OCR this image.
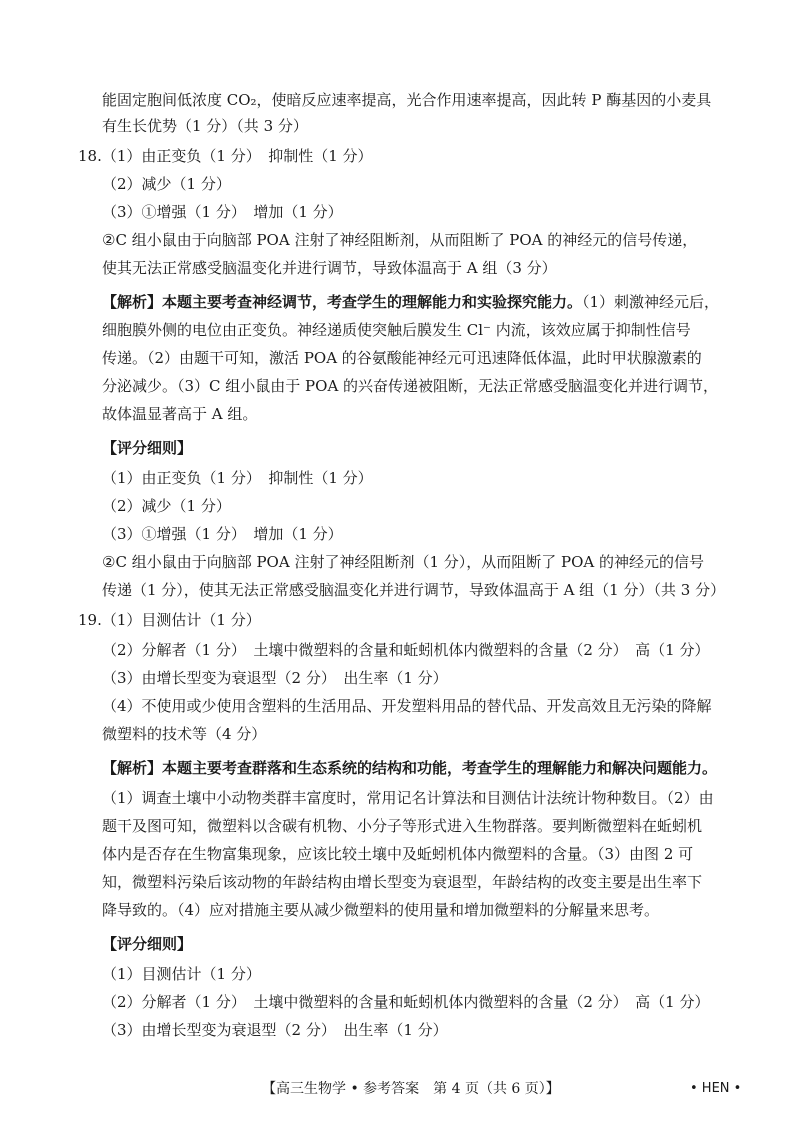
能固定胞间低浓度 CO₂，使暗反应速率提高，光合作用速率提高，因此转 P 酶基因的小麦具
有生长优势（1 分）（共 3 分）
18.（1）由正变负（1 分）　抑制性（1 分）
（2）减少（1 分）
（3）①增强（1 分）　增加（1 分）
②C 组小鼠由于向脑部 POA 注射了神经阻断剂，从而阻断了 POA 的神经元的信号传递，
使其无法正常感受脑温变化并进行调节，导致体温高于 A 组（3 分）
【解析】本题主要考查神经调节，考查学生的理解能力和实验探究能力。（1）刺激神经元后，
细胞膜外侧的电位由正变负。神经递质使突触后膜发生 Cl⁻ 内流，该效应属于抑制性信号
传递。（2）由题干可知，激活 POA 的谷氨酸能神经元可迅速降低体温，此时甲状腺激素的
分泌减少。（3）C 组小鼠由于 POA 的兴奋传递被阻断，无法正常感受脑温变化并进行调节，
故体温显著高于 A 组。
【评分细则】
（1）由正变负（1 分）　抑制性（1 分）
（2）减少（1 分）
（3）①增强（1 分）　增加（1 分）
②C 组小鼠由于向脑部 POA 注射了神经阻断剂（1 分），从而阻断了 POA 的神经元的信号
传递（1 分），使其无法正常感受脑温变化并进行调节，导致体温高于 A 组（1 分）（共 3 分）
19.（1）目测估计（1 分）
（2）分解者（1 分）　土壤中微塑料的含量和蚯蚓机体内微塑料的含量（2 分）　高（1 分）
（3）由增长型变为衰退型（2 分）　出生率（1 分）
（4）不使用或少使用含塑料的生活用品、开发塑料用品的替代品、开发高效且无污染的降解
微塑料的技术等（4 分）
【解析】本题主要考查群落和生态系统的结构和功能，考查学生的理解能力和解决问题能力。
（1）调查土壤中小动物类群丰富度时，常用记名计算法和目测估计法统计物种数目。（2）由
题干及图可知，微塑料以含碳有机物、小分子等形式进入生物群落。要判断微塑料在蚯蚓机
体内是否存在生物富集现象，应该比较土壤中及蚯蚓机体内微塑料的含量。（3）由图 2 可
知，微塑料污染后该动物的年龄结构由增长型变为衰退型，年龄结构的改变主要是出生率下
降导致的。（4）应对措施主要从减少微塑料的使用量和增加微塑料的分解量来思考。
【评分细则】
（1）目测估计（1 分）
（2）分解者（1 分）　土壤中微塑料的含量和蚯蚓机体内微塑料的含量（2 分）　高（1 分）
（3）由增长型变为衰退型（2 分）　出生率（1 分）
【高三生物学 • 参考答案　第 4 页（共 6 页）】	• HEN •
